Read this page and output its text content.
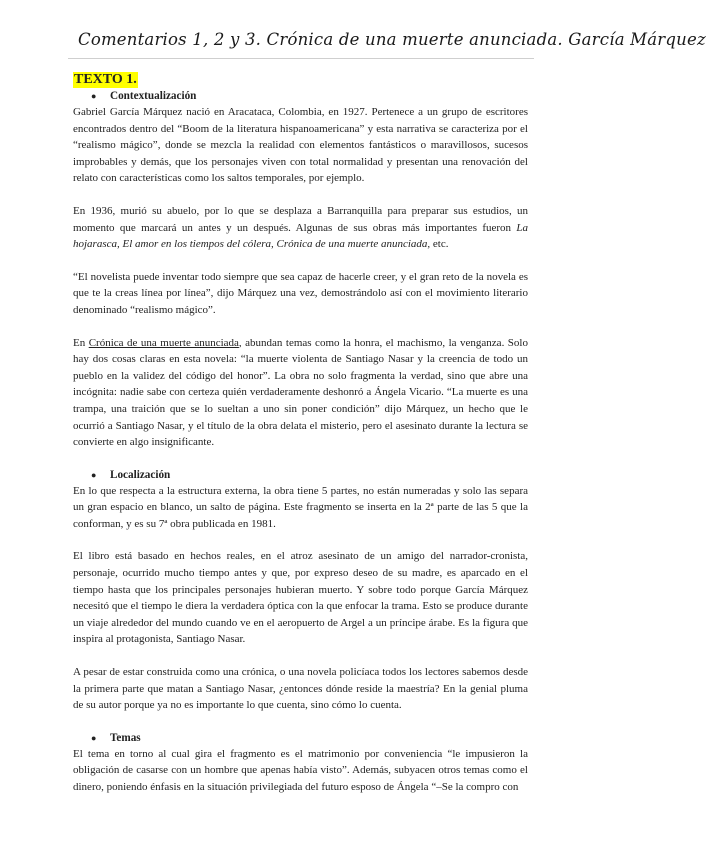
Comentarios 1, 2 y 3. Crónica de una muerte anunciada. García Márquez
TEXTO 1.
● Contextualización

Gabriel García Márquez nació en Aracataca, Colombia, en 1927. Pertenece a un grupo de escritores encontrados dentro del “Boom de la literatura hispanoamericana” y esta narrativa se caracteriza por el “realismo mágico”, donde se mezcla la realidad con elementos fantásticos o maravillosos, sucesos improbables y demás, que los personajes viven con total normalidad y presentan una renovación del relato con características como los saltos temporales, por ejemplo.

En 1936, murió su abuelo, por lo que se desplaza a Barranquilla para preparar sus estudios, un momento que marcará un antes y un después. Algunas de sus obras más importantes fueron La hojarasca, El amor en los tiempos del cólera, Crónica de una muerte anunciada, etc.

“El novelista puede inventar todo siempre que sea capaz de hacerle creer, y el gran reto de la novela es que te la creas línea por línea”, dijo Márquez una vez, demostrándolo así con el movimiento literario denominado “realismo mágico”.

En Crónica de una muerte anunciada, abundan temas como la honra, el machismo, la venganza. Solo hay dos cosas claras en esta novela: “la muerte violenta de Santiago Nasar y la creencia de todo un pueblo en la validez del código del honor”. La obra no solo fragmenta la verdad, sino que abre una incógnita: nadie sabe con certeza quién verdaderamente deshonró a Ángela Vicario. “La muerte es una trampa, una traición que se lo sueltan a uno sin poner condición” dijo Márquez, un hecho que le ocurrió a Santiago Nasar, y el título de la obra delata el misterio, pero el asesinato durante la lectura se convierte en algo insignificante.

● Localización

En lo que respecta a la estructura externa, la obra tiene 5 partes, no están numeradas y solo las separa un gran espacio en blanco, un salto de página. Este fragmento se inserta en la 2ª parte de las 5 que la conforman, y es su 7ª obra publicada en 1981.

El libro está basado en hechos reales, en el atroz asesinato de un amigo del narrador-cronista, personaje, ocurrido mucho tiempo antes y que, por expreso deseo de su madre, es aparcado en el tiempo hasta que los principales personajes hubieran muerto. Y sobre todo porque García Márquez necesitó que el tiempo le diera la verdadera óptica con la que enfocar la trama. Esto se produce durante un viaje alrededor del mundo cuando ve en el aeropuerto de Argel a un príncipe árabe. Es la figura que inspira al protagonista, Santiago Nasar.

A pesar de estar construida como una crónica, o una novela policíaca todos los lectores sabemos desde la primera parte que matan a Santiago Nasar, ¿entonces dónde reside la maestría? En la genial pluma de su autor porque ya no es importante lo que cuenta, sino cómo lo cuenta.

● Temas

El tema en torno al cual gira el fragmento es el matrimonio por conveniencia “le impusieron la obligación de casarse con un hombre que apenas había visto”. Además, subyacen otros temas como el dinero, poniendo énfasis en la situación privilegiada del futuro esposo de Ángela “–Se la compro con
